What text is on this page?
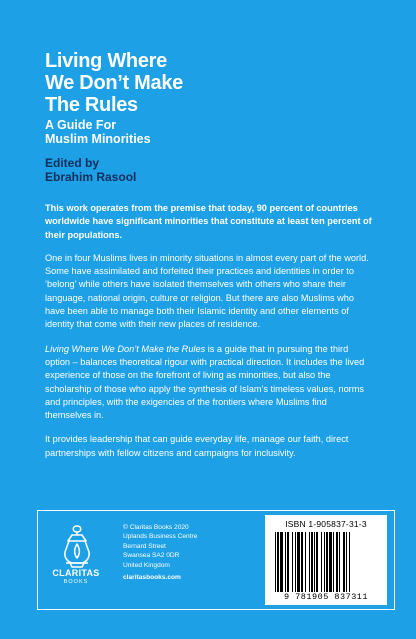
Living Where
We Don’t Make
The Rules
A Guide For
Muslim Minorities
Edited by
Ebrahim Rasool

This work operates from the premise that today, 90 percent of countries worldwide have significant minorities that constitute at least ten percent of their populations.

One in four Muslims lives in minority situations in almost every part of the world. Some have assimilated and forfeited their practices and identities in order to ‘belong’ while others have isolated themselves with others who share their language, national origin, culture or religion. But there are also Muslims who have been able to manage both their Islamic identity and other elements of identity that come with their new places of residence.

Living Where We Don’t Make the Rules is a guide that in pursuing the third option – balances theoretical rigour with practical direction. It includes the lived experience of those on the forefront of living as minorities, but also the scholarship of those who apply the synthesis of Islam’s timeless values, norms and principles, with the exigencies of the frontiers where Muslims find themselves in.

It provides leadership that can guide everyday life, manage our faith, direct partnerships with fellow citizens and campaigns for inclusivity.

CLARITAS
BOOKS
© Claritas Books 2020
Uplands Business Centre
Bernard Street
Swansea SA2 0DR
United Kingdom
claritasbooks.com
ISBN 1-905837-31-3
9 781905 837311
